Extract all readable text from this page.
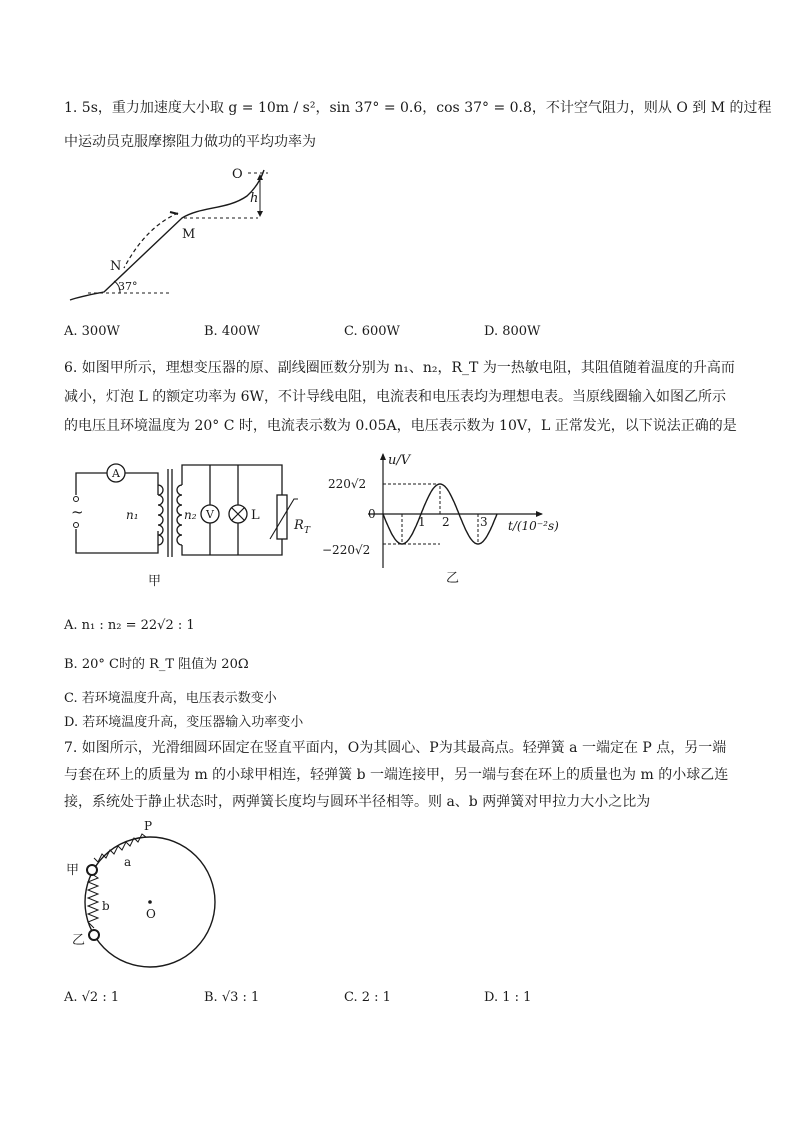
1. 5s，重力加速度大小取 g = 10m / s²，sin 37° = 0.6，cos 37° = 0.8，不计空气阻力，则从 O 到 M 的过程
中运动员克服摩擦阻力做功的平均功率为
O
h
M
N
37°
A. 300W	B. 400W	C. 600W	D. 800W
6. 如图甲所示，理想变压器的原、副线圈匝数分别为 n₁、n₂，R_T 为一热敏电阻，其阻值随着温度的升高而
减小，灯泡 L 的额定功率为 6W，不计导线电阻，电流表和电压表均为理想电表。当原线圈输入如图乙所示
的电压且环境温度为 20° C 时，电流表示数为 0.05A，电压表示数为 10V，L 正常发光，以下说法正确的是
~
A
n₁	n₂ V	L
R T
甲
u/V
t/(10⁻²s)
220√2
−220√2
0
1 2	3
乙
A. n₁ : n₂ = 22√2 : 1
B. 20° C时的 R_T 阻值为 20Ω
C. 若环境温度升高，电压表示数变小
D. 若环境温度升高，变压器输入功率变小
7. 如图所示，光滑细圆环固定在竖直平面内，O为其圆心、P为其最高点。轻弹簧 a 一端定在 P 点，另一端
与套在环上的质量为 m 的小球甲相连，轻弹簧 b 一端连接甲，另一端与套在环上的质量也为 m 的小球乙连
接，系统处于静止状态时，两弹簧长度均与圆环半径相等。则 a、b 两弹簧对甲拉力大小之比为
P
a
b
O
甲
乙
A. √2 : 1	B. √3 : 1	C. 2 : 1	D. 1 : 1
